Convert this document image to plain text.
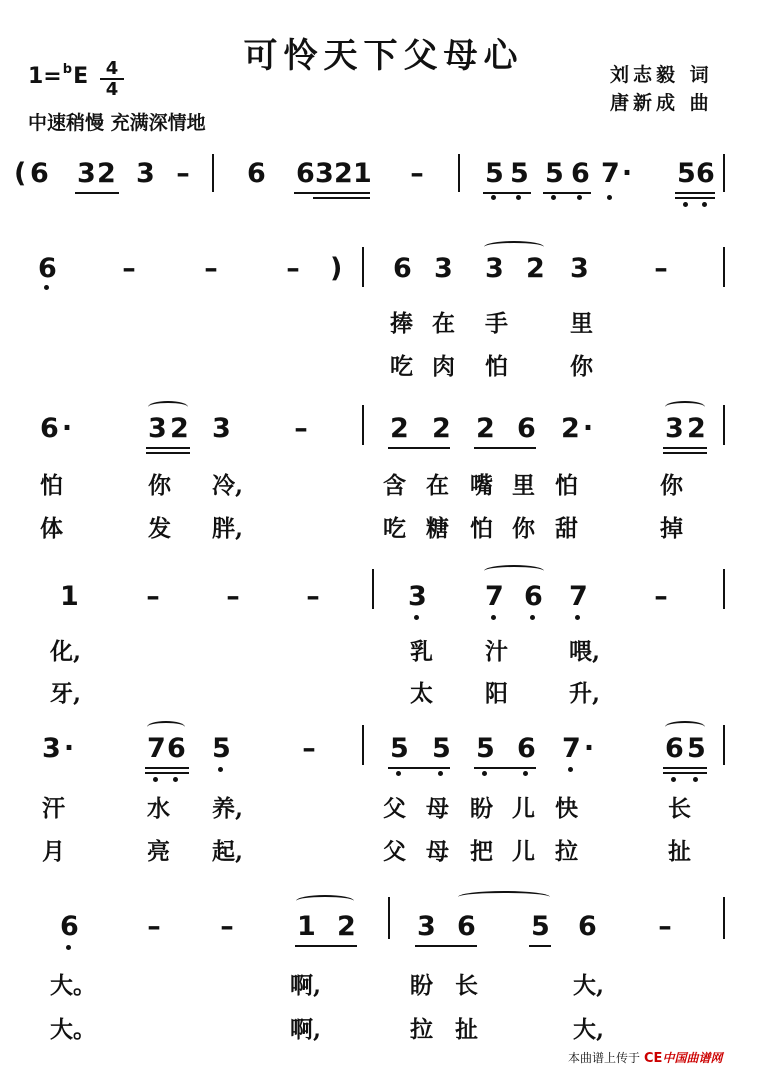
可怜天下父母心
1=$^b$E 4
4
中速稍慢 充满深情地
刘志毅 词
唐新成 曲
( 6 3 2 3 – 6 6 3 2 1 – 5 5 5 6 7 · 5 6
6 –	–	– ) 6 3 3 2 3 –
捧 在 手	里
吃 肉 怕	你
6 ·	3 2 3 –	2 2 2 6 2 ·	3 2
怕	你 冷,	含 在 嘴 里 怕	你
体	发 胖,	吃 糖 怕 你 甜	掉
1 – – –	3 7 6 7 –
化,	乳 汁	喂,
牙,	太 阳	升,
3 ·	7 6 5	–	5 5 5 6 7 ·	6 5
汗	水 养,	父 母 盼 儿 快	长
月	亮 起,	父 母 把 儿 拉	扯
6	– – 1 2 3 6 5 6 –
大。	啊,	盼 长	大,
大。	啊,	拉 扯	大,
本曲谱上传于 CE中国曲谱网
